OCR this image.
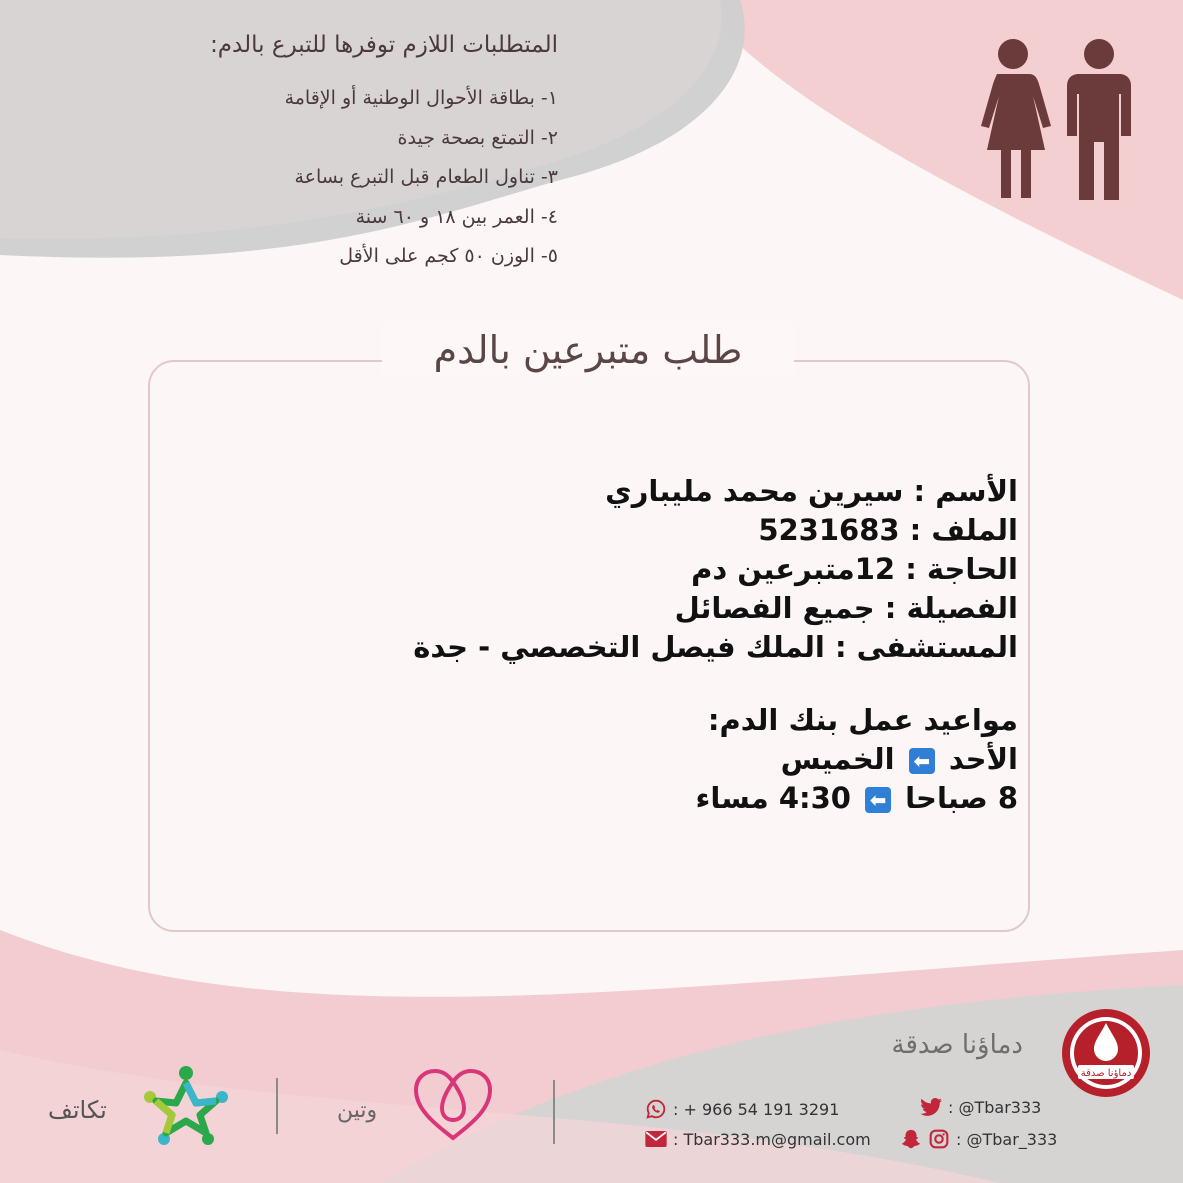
المتطلبات اللازم توفرها للتبرع بالدم:
١- بطاقة الأحوال الوطنية أو الإقامة
٢- التمتع بصحة جيدة
٣- تناول الطعام قبل التبرع بساعة
٤- العمر بين ١٨ و ٦٠ سنة
٥- الوزن ٥٠ كجم على الأقل
طلب متبرعين بالدم
الأسم : سيرين محمد مليباري
الملف : 5231683
الحاجة : 12متبرعين دم
الفصيلة : جميع الفصائل
المستشفى : الملك فيصل التخصصي - جدة
مواعيد عمل بنك الدم:
الأحد ⬅ الخميس
8 صباحا ⬅ 4:30 مساء
دماؤنا صدقة
دماؤنا صدقة
: @Tbar333
: @Tbar_333
: + 966 54 191 3291
: Tbar333.m@gmail.com
وتين
تكاتف
